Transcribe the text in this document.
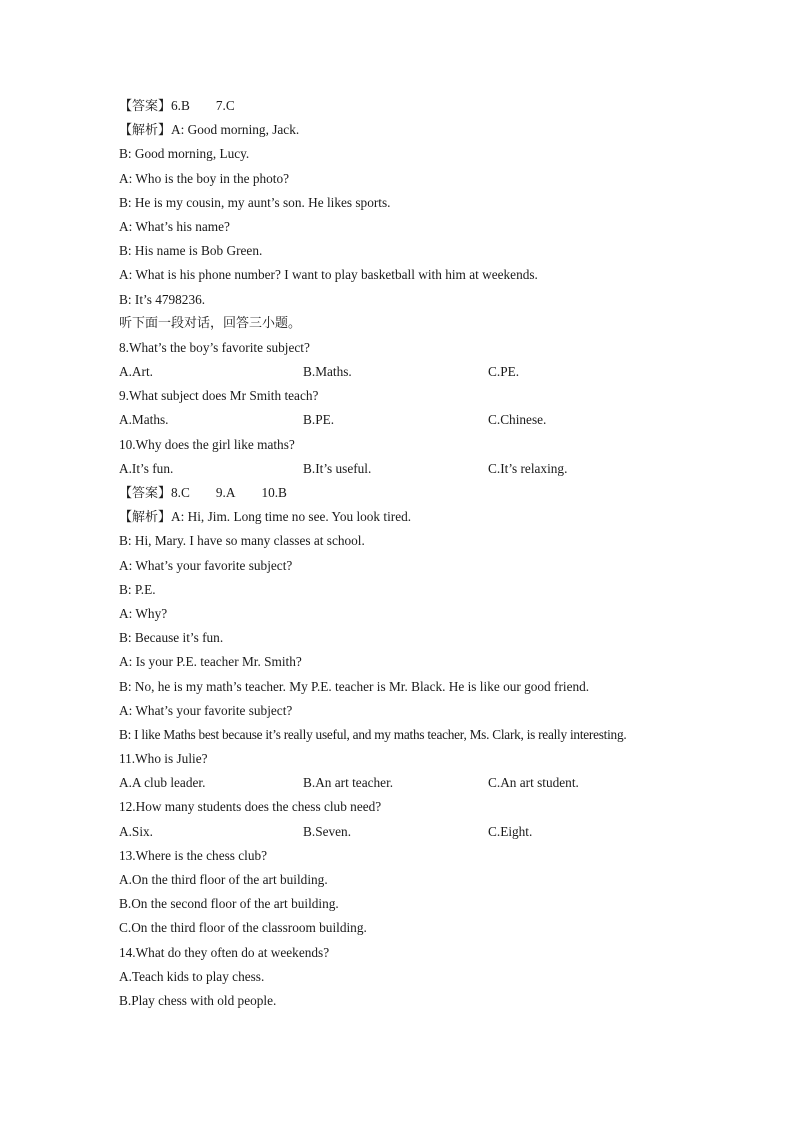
【答案】6.B 7.C
【解析】A: Good morning, Jack.
B: Good morning, Lucy.
A: Who is the boy in the photo?
B: He is my cousin, my aunt’s son. He likes sports.
A: What’s his name?
B: His name is Bob Green.
A: What is his phone number? I want to play basketball with him at weekends.
B: It’s 4798236.
听下面一段对话，回答三小题。
8.What’s the boy’s favorite subject?
A.Art.	B.Maths.	C.PE.
9.What subject does Mr Smith teach?
A.Maths.	B.PE.	C.Chinese.
10.Why does the girl like maths?
A.It’s fun.	B.It’s useful.	C.It’s relaxing.
【答案】8.C 9.A 10.B
【解析】A: Hi, Jim. Long time no see. You look tired.
B: Hi, Mary. I have so many classes at school.
A: What’s your favorite subject?
B: P.E.
A: Why?
B: Because it’s fun.
A: Is your P.E. teacher Mr. Smith?
B: No, he is my math’s teacher. My P.E. teacher is Mr. Black. He is like our good friend.
A: What’s your favorite subject?
B: I like Maths best because it’s really useful, and my maths teacher, Ms. Clark, is really interesting.
11.Who is Julie?
A.A club leader.	B.An art teacher.	C.An art student.
12.How many students does the chess club need?
A.Six.	B.Seven.	C.Eight.
13.Where is the chess club?
A.On the third floor of the art building.
B.On the second floor of the art building.
C.On the third floor of the classroom building.
14.What do they often do at weekends?
A.Teach kids to play chess.
B.Play chess with old people.
